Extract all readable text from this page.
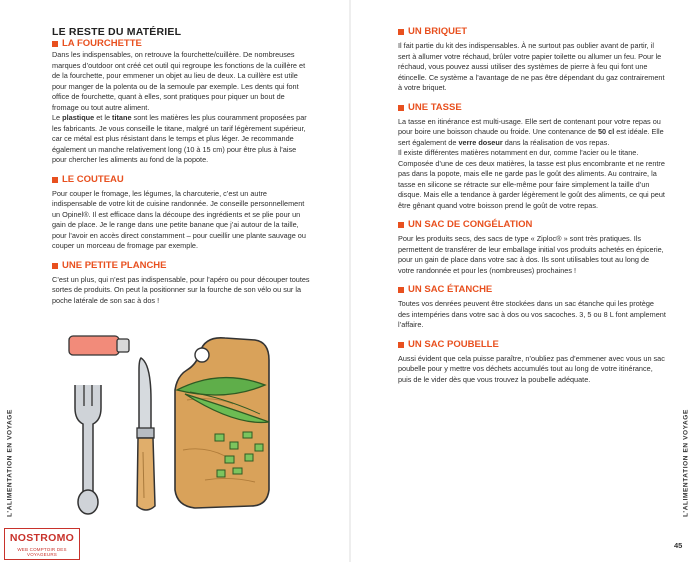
LE RESTE DU MATÉRIEL
LA FOURCHETTE

Dans les indispensables, on retrouve la fourchette/cuillère. De nombreuses marques d’outdoor ont créé cet outil qui regroupe les fonctions de la cuillère et de la fourchette, pour emmener un objet au lieu de deux. La cuillère est utile pour manger de la polenta ou de la semoule par exemple. Les dents qui font office de fourchette, quant à elles, sont pratiques pour piquer un bout de fromage ou tout autre aliment.

Le plastique et le titane sont les matières les plus couramment proposées par les fabricants. Je vous conseille le titane, malgré un tarif légèrement supérieur, car ce métal est plus résistant dans le temps et plus léger. Je recommande également un manche relativement long (10 à 15 cm) pour être plus à l’aise pour chercher les aliments au fond de la popote.

LE COUTEAU

Pour couper le fromage, les légumes, la charcuterie, c’est un autre indispensable de votre kit de cuisine randonnée. Je conseille personnellement un Opinel®. Il est efficace dans la découpe des ingrédients et se plie pour un gain de place. Je le range dans une petite banane que j’ai autour de la taille, pour l’avoir en accès direct constamment – pour cueillir une plante sauvage ou couper un morceau de fromage par exemple.

UNE PETITE PLANCHE

C’est un plus, qui n’est pas indispensable, pour l’apéro ou pour découper toutes sortes de produits. On peut la positionner sur la fourche de son vélo ou sur la poche latérale de son sac à dos !

L’ALIMENTATION EN VOYAGE
NOSTROMO
WEB COMPTOIR DES VOYAGEURS
UN BRIQUET

Il fait partie du kit des indispensables. À ne surtout pas oublier avant de partir, il sert à allumer votre réchaud, brûler votre papier toilette ou allumer un feu. Pour le réchaud, vous pouvez aussi utiliser des systèmes de pierre à feu qui font une étincelle. Ce système a l’avantage de ne pas être dépendant du gaz contrairement à votre briquet.

UNE TASSE

La tasse en itinérance est multi-usage. Elle sert de contenant pour votre repas ou pour boire une boisson chaude ou froide. Une contenance de 50 cl est idéale. Elle sert également de verre doseur dans la réalisation de vos repas.

Il existe différentes matières notamment en dur, comme l’acier ou le titane. Composée d’une de ces deux matières, la tasse est plus encombrante et ne rentre pas dans la popote, mais elle ne garde pas le goût des aliments. Au contraire, la tasse en silicone se rétracte sur elle-même pour faire simplement la taille d’un disque. Mais elle a tendance à garder légèrement le goût des aliments, ce qui peut être gênant quand votre boisson prend le goût de votre repas.

UN SAC DE CONGÉLATION

Pour les produits secs, des sacs de type « Ziploc® » sont très pratiques. Ils permettent de transférer de leur emballage initial vos produits achetés en épicerie, pour un gain de place dans votre sac à dos. Ils sont utilisables tout au long de votre randonnée et pour les (nombreuses) prochaines !

UN SAC ÉTANCHE

Toutes vos denrées peuvent être stockées dans un sac étanche qui les protège des intempéries dans votre sac à dos ou vos sacoches. 3, 5 ou 8 L font amplement l’affaire.

UN SAC POUBELLE

Aussi évident que cela puisse paraître, n’oubliez pas d’emmener avec vous un sac poubelle pour y mettre vos déchets accumulés tout au long de votre itinérance, puis de le vider dès que vous trouvez la poubelle adéquate.

L’ALIMENTATION EN VOYAGE
45
